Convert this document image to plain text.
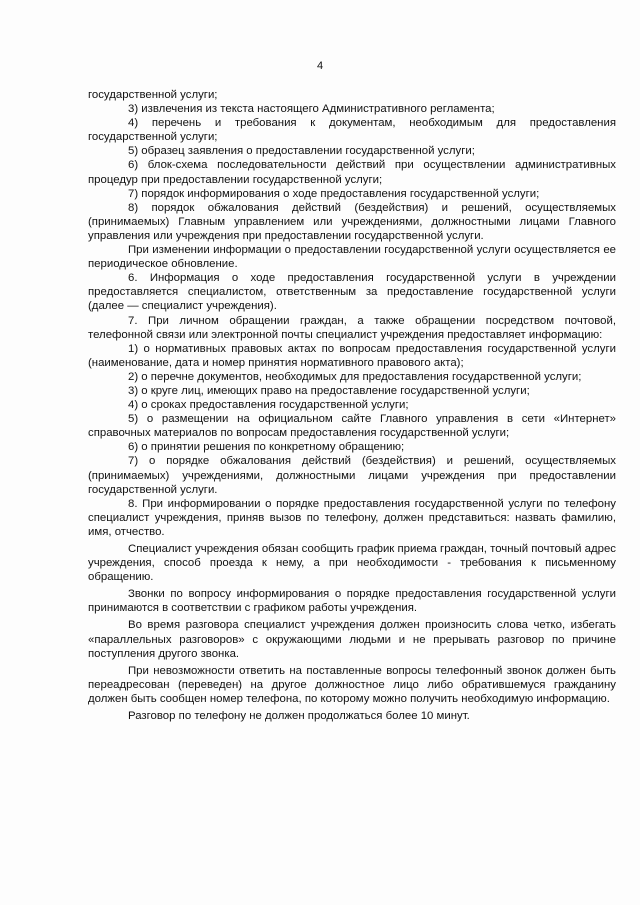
4

государственной услуги;

3) извлечения из текста настоящего Административного регламента;

4) перечень и требования к документам, необходимым для предоставления государственной услуги;

5) образец заявления о предоставлении государственной услуги;

6) блок-схема последовательности действий при осуществлении административных процедур при предоставлении государственной услуги;

7) порядок информирования о ходе предоставления государственной услуги;

8) порядок обжалования действий (бездействия) и решений, осуществляемых (принимаемых) Главным управлением или учреждениями, должностными лицами Главного управления или учреждения при предоставлении государственной услуги.

При изменении информации о предоставлении государственной услуги осуществляется ее периодическое обновление.

6. Информация о ходе предоставления государственной услуги в учреждении предоставляется специалистом, ответственным за предоставление государственной услуги (далее — специалист учреждения).

7. При личном обращении граждан, а также обращении посредством почтовой, телефонной связи или электронной почты специалист учреждения предоставляет информацию:

1) о нормативных правовых актах по вопросам предоставления государственной услуги (наименование, дата и номер принятия нормативного правового акта);

2) о перечне документов, необходимых для предоставления государственной услуги;

3) о круге лиц, имеющих право на предоставление государственной услуги;

4) о сроках предоставления государственной услуги;

5) о размещении на официальном сайте Главного управления в сети «Интернет» справочных материалов по вопросам предоставления государственной услуги;

6) о принятии решения по конкретному обращению;

7) о порядке обжалования действий (бездействия) и решений, осуществляемых (принимаемых) учреждениями, должностными лицами учреждения при предоставлении государственной услуги.

8. При информировании о порядке предоставления государственной услуги по телефону специалист учреждения, приняв вызов по телефону, должен представиться: назвать фамилию, имя, отчество.

Специалист учреждения обязан сообщить график приема граждан, точный почтовый адрес учреждения, способ проезда к нему, а при необходимости - требования к письменному обращению.

Звонки по вопросу информирования о порядке предоставления государственной услуги принимаются в соответствии с графиком работы учреждения.

Во время разговора специалист учреждения должен произносить слова четко, избегать «параллельных разговоров» с окружающими людьми и не прерывать разговор по причине поступления другого звонка.

При невозможности ответить на поставленные вопросы телефонный звонок должен быть переадресован (переведен) на другое должностное лицо либо обратившемуся гражданину должен быть сообщен номер телефона, по которому можно получить необходимую информацию.

Разговор по телефону не должен продолжаться более 10 минут.
